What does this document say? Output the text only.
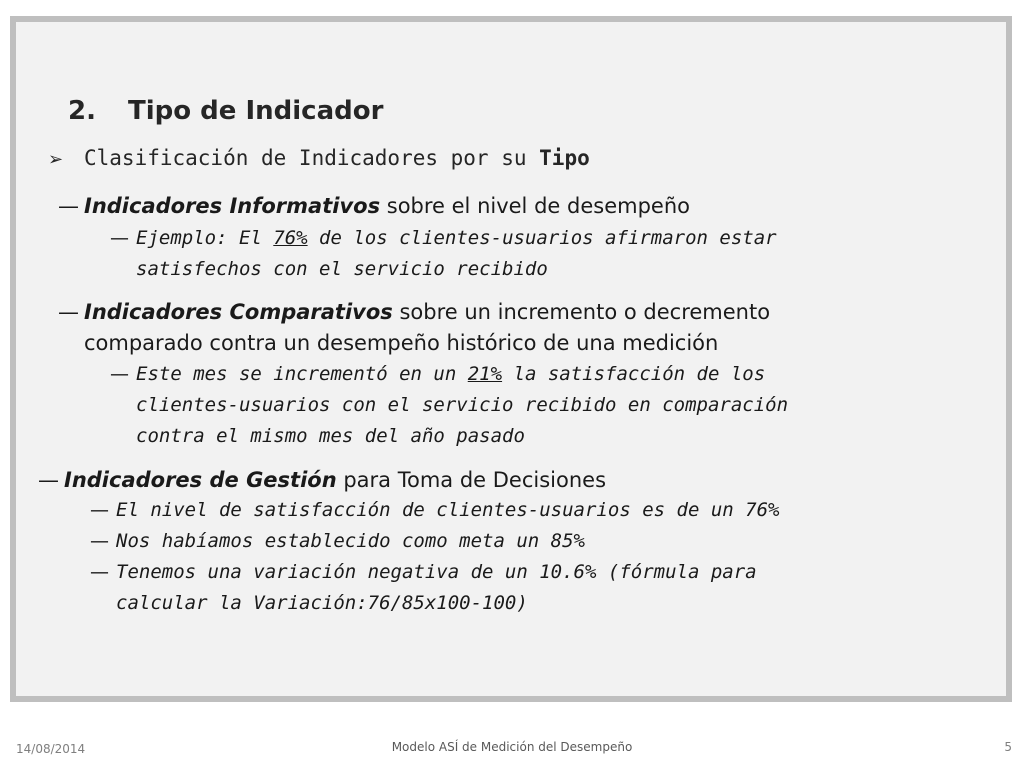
2. Tipo de Indicador
➢ Clasificación de Indicadores por su Tipo
— Indicadores Informativos sobre el nivel de desempeño
— Ejemplo: El 76% de los clientes-usuarios afirmaron estar
satisfechos con el servicio recibido
— Indicadores Comparativos sobre un incremento o decremento
comparado contra un desempeño histórico de una medición
— Este mes se incrementó en un 21% la satisfacción de los
clientes-usuarios con el servicio recibido en comparación
contra el mismo mes del año pasado
— Indicadores de Gestión para Toma de Decisiones
— El nivel de satisfacción de clientes-usuarios es de un 76%
— Nos habíamos establecido como meta un 85%
— Tenemos una variación negativa de un 10.6% (fórmula para
calcular la Variación:76/85x100-100)
14/08/2014	Modelo ASÍ de Medición del Desempeño	5
